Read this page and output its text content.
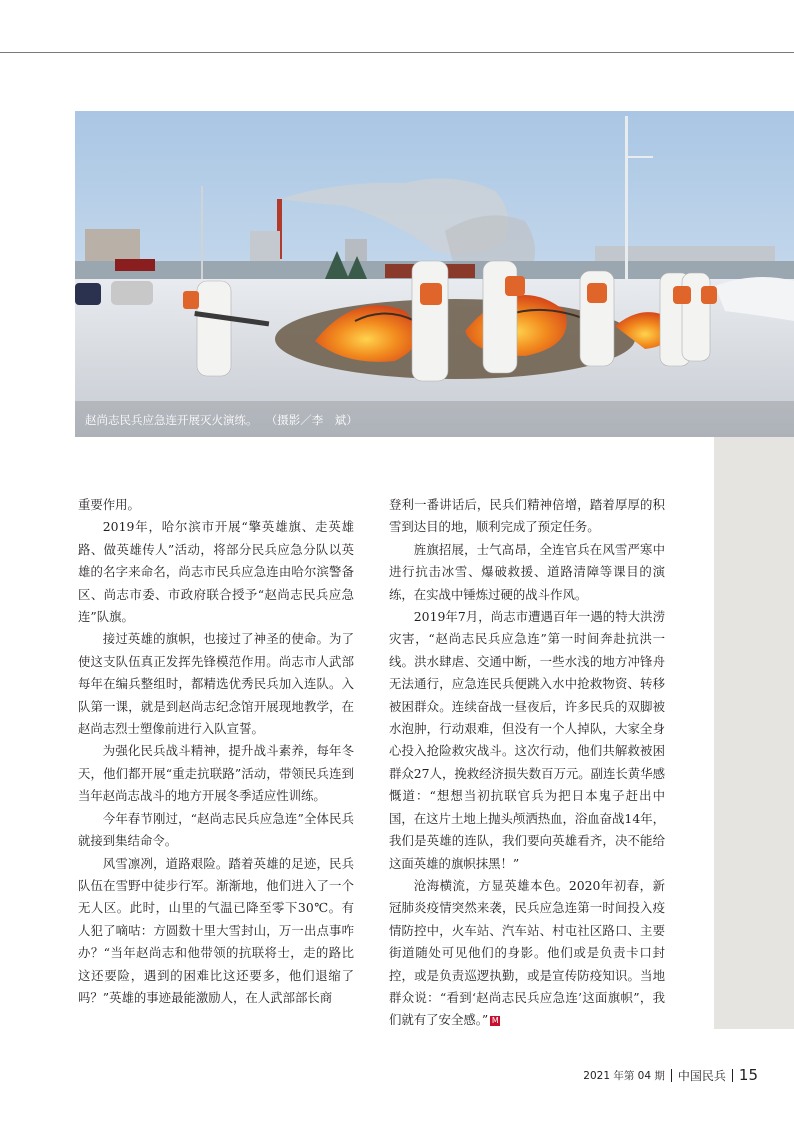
赵尚志民兵应急连开展灭火演练。 （摄影／李　斌）

重要作用。

2019年，哈尔滨市开展“擎英雄旗、走英雄路、做英雄传人”活动，将部分民兵应急分队以英雄的名字来命名，尚志市民兵应急连由哈尔滨警备区、尚志市委、市政府联合授予“赵尚志民兵应急连”队旗。

接过英雄的旗帜，也接过了神圣的使命。为了使这支队伍真正发挥先锋模范作用。尚志市人武部每年在编兵整组时，都精选优秀民兵加入连队。入队第一课，就是到赵尚志纪念馆开展现地教学，在赵尚志烈士塑像前进行入队宣誓。

为强化民兵战斗精神，提升战斗素养，每年冬天，他们都开展“重走抗联路”活动，带领民兵连到当年赵尚志战斗的地方开展冬季适应性训练。

今年春节刚过，“赵尚志民兵应急连”全体民兵就接到集结命令。

风雪凛冽，道路艰险。踏着英雄的足迹，民兵队伍在雪野中徒步行军。渐渐地，他们进入了一个无人区。此时，山里的气温已降至零下30℃。有人犯了嘀咕：方圆数十里大雪封山，万一出点事咋办？“当年赵尚志和他带领的抗联将士，走的路比这还要险，遇到的困难比这还要多，他们退缩了吗？”英雄的事迹最能激励人，在人武部部长商

登利一番讲话后，民兵们精神倍增，踏着厚厚的积雪到达目的地，顺利完成了预定任务。

旌旗招展，士气高昂，全连官兵在风雪严寒中进行抗击冰雪、爆破救援、道路清障等课目的演练，在实战中锤炼过硬的战斗作风。

2019年7月，尚志市遭遇百年一遇的特大洪涝灾害，“赵尚志民兵应急连”第一时间奔赴抗洪一线。洪水肆虐、交通中断，一些水浅的地方冲锋舟无法通行，应急连民兵便跳入水中抢救物资、转移被困群众。连续奋战一昼夜后，许多民兵的双脚被水泡肿，行动艰难，但没有一个人掉队，大家全身心投入抢险救灾战斗。这次行动，他们共解救被困群众27人，挽救经济损失数百万元。副连长黄华感慨道：“想想当初抗联官兵为把日本鬼子赶出中国，在这片土地上抛头颅洒热血，浴血奋战14年，我们是英雄的连队，我们要向英雄看齐，决不能给这面英雄的旗帜抹黑！”

沧海横流，方显英雄本色。2020年初春，新冠肺炎疫情突然来袭，民兵应急连第一时间投入疫情防控中，火车站、汽车站、村屯社区路口、主要街道随处可见他们的身影。他们或是负责卡口封控，或是负责巡逻执勤，或是宣传防疫知识。当地群众说：“看到‘赵尚志民兵应急连’这面旗帜”，我们就有了安全感。” M

2021 年第 04 期 中国民兵 15
